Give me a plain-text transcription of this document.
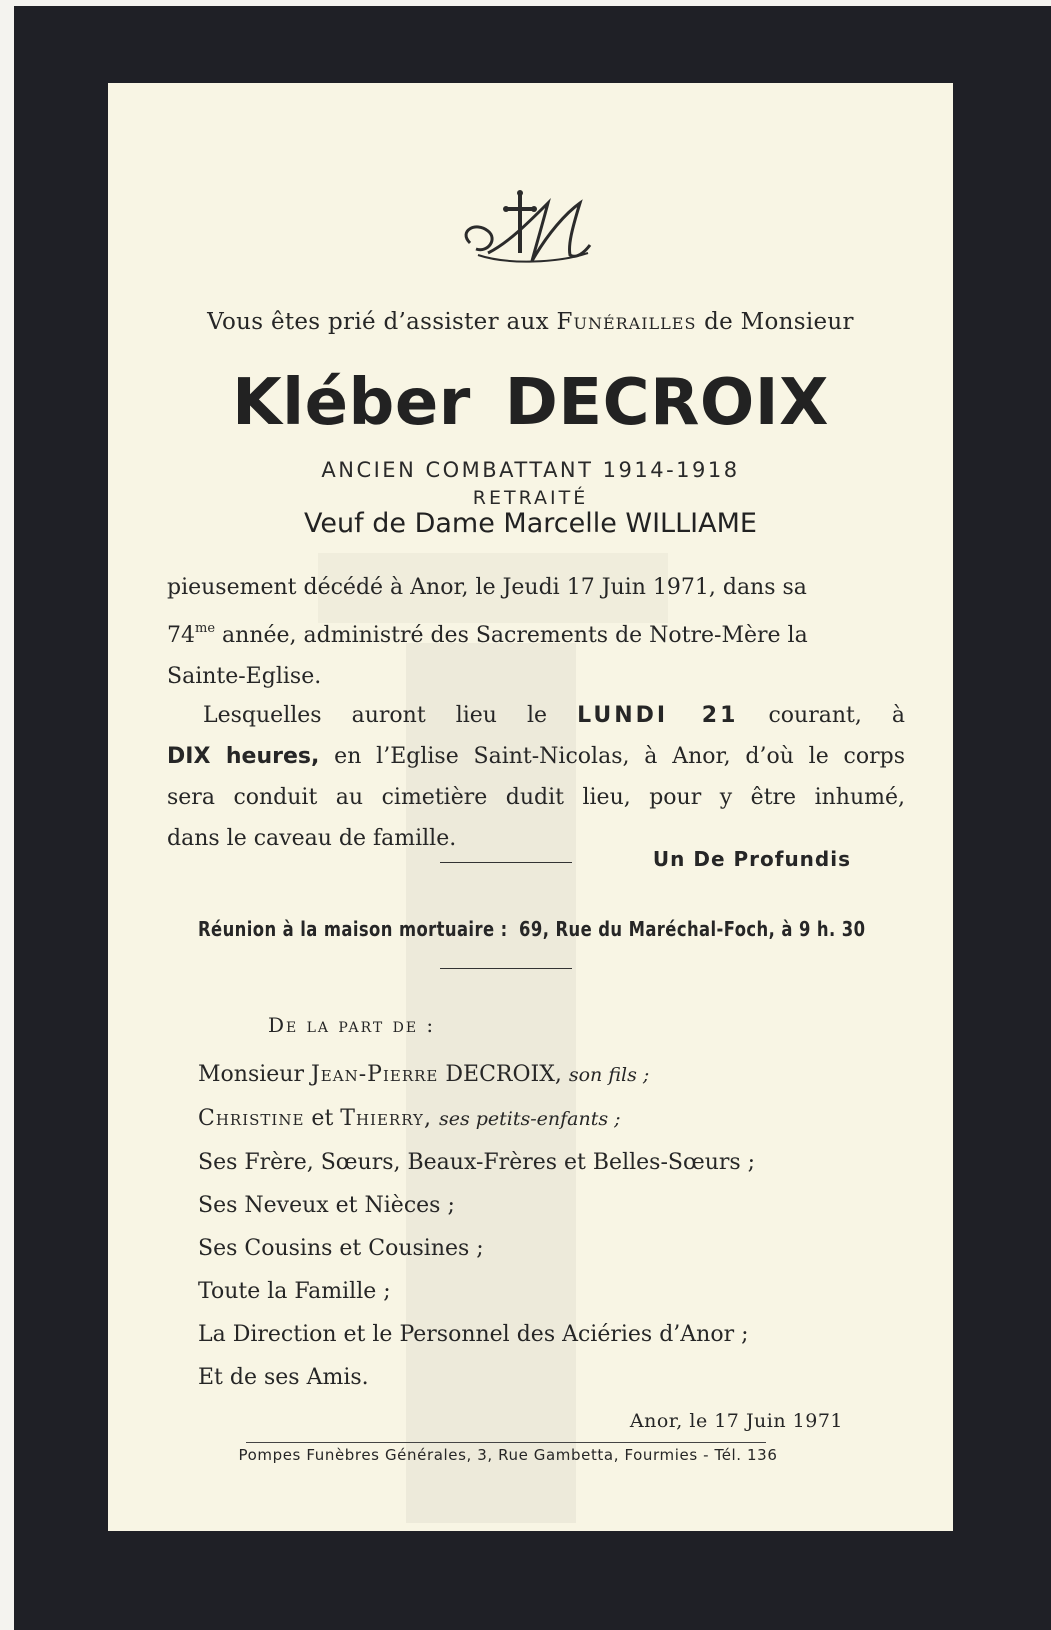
Vous êtes prié d’assister aux Funérailles de Monsieur
Kléber DECROIX
ANCIEN COMBATTANT 1914-1918
RETRAITÉ
Veuf de Dame Marcelle WILLIAME
pieusement décédé à Anor, le Jeudi 17 Juin 1971, dans sa
$74^{me}$ année, administré des Sacrements de Notre-Mère la
Sainte-Eglise.
Lesquelles auront lieu le LUNDI 21 courant, à
DIX heures, en l’Eglise Saint-Nicolas, à Anor, d’où le corps
sera conduit au cimetière dudit lieu, pour y être inhumé,
dans le caveau de famille.
Un De Profundis
Réunion à la maison mortuaire : 69, Rue du Maréchal-Foch, à 9 h. 30
De la part de :
Monsieur Jean-Pierre DECROIX, son fils ;
Christine et Thierry, ses petits-enfants ;
Ses Frère, Sœurs, Beaux-Frères et Belles-Sœurs ;
Ses Neveux et Nièces ;
Ses Cousins et Cousines ;
Toute la Famille ;
La Direction et le Personnel des Aciéries d’Anor ;
Et de ses Amis.
Anor, le 17 Juin 1971
Pompes Funèbres Générales, 3, Rue Gambetta, Fourmies - Tél. 136
